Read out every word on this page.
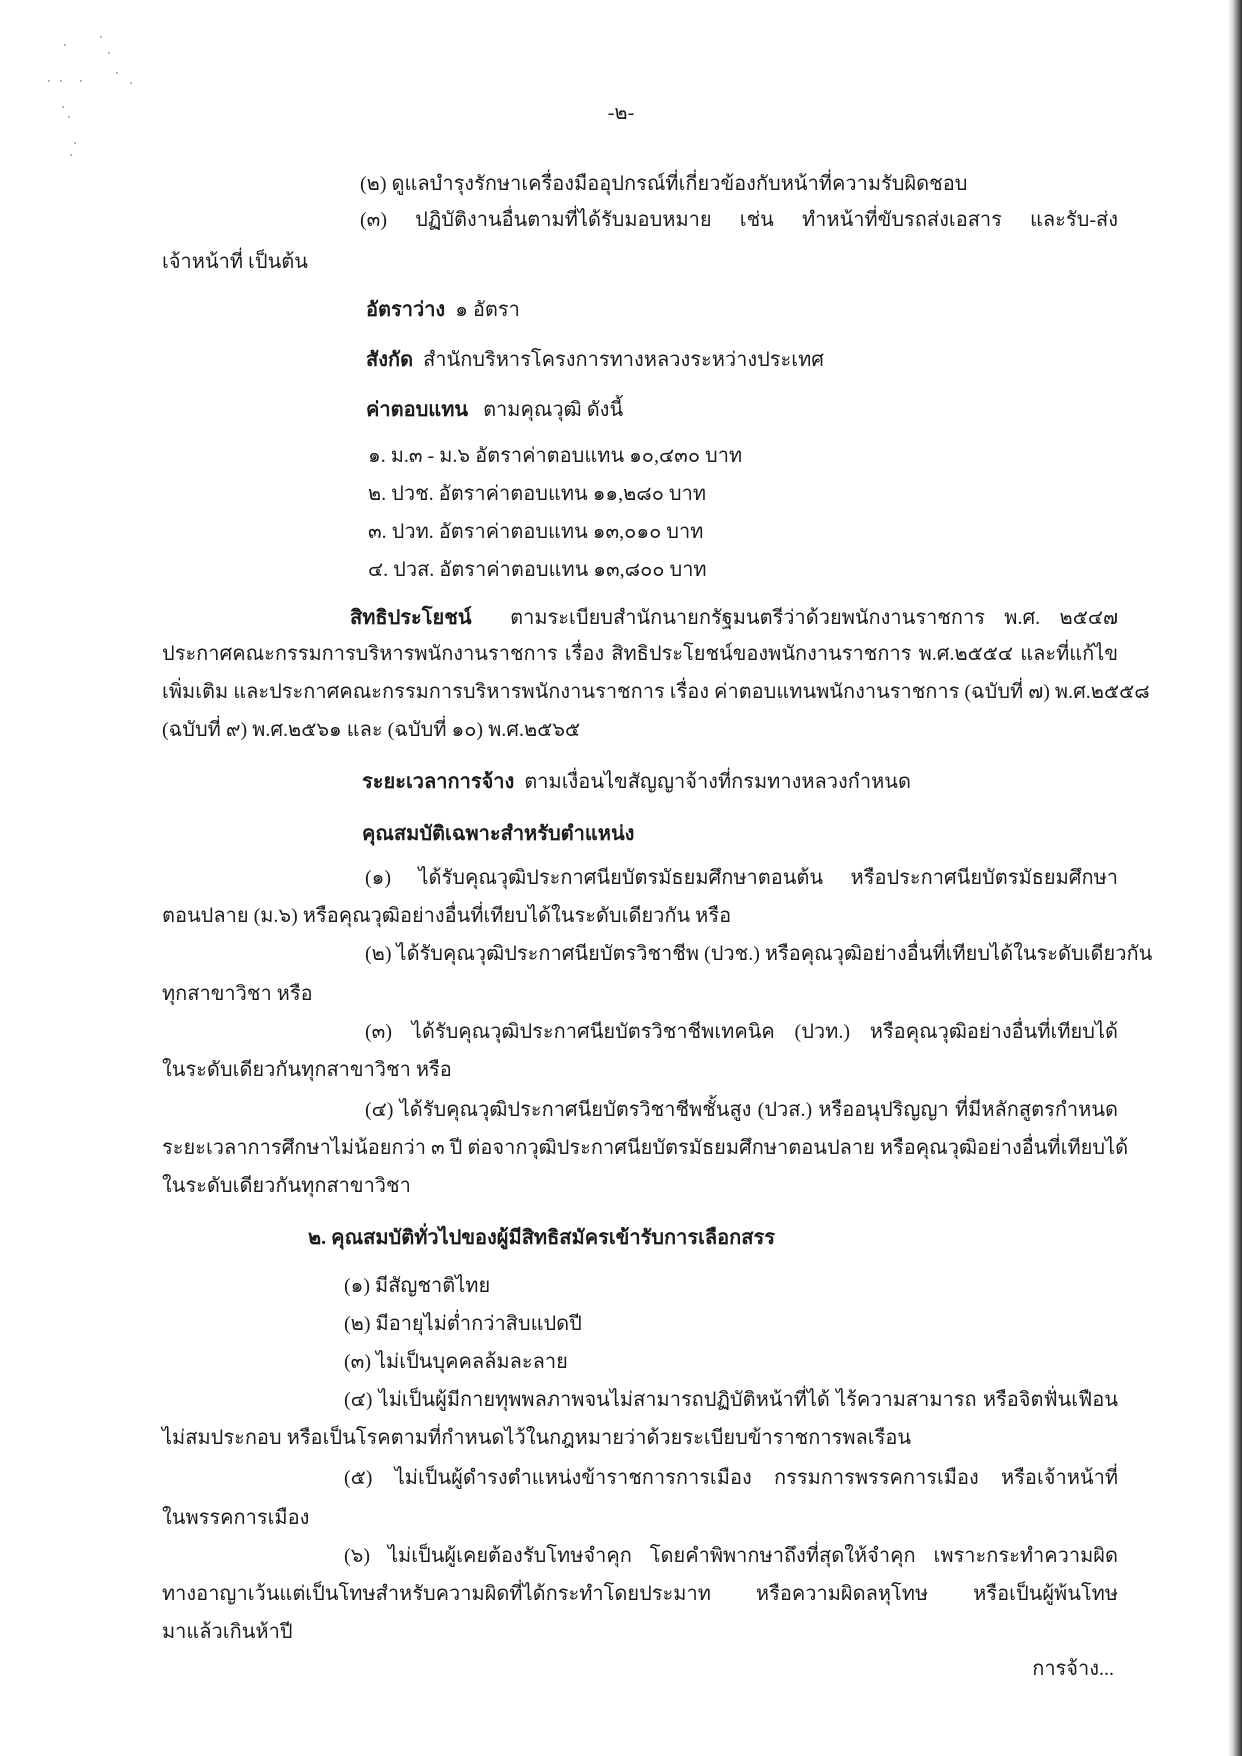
-๒-
(๒) ดูแลบำรุงรักษาเครื่องมืออุปกรณ์ที่เกี่ยวข้องกับหน้าที่ความรับผิดชอบ
(๓) ปฏิบัติงานอื่นตามที่ได้รับมอบหมาย เช่น ทำหน้าที่ขับรถส่งเอสาร และรับ-ส่ง
เจ้าหน้าที่ เป็นต้น
อัตราว่าง ๑ อัตรา
สังกัด สำนักบริหารโครงการทางหลวงระหว่างประเทศ
ค่าตอบแทน ตามคุณวุฒิ ดังนี้
๑. ม.๓ - ม.๖ อัตราค่าตอบแทน ๑๐,๔๓๐ บาท
๒. ปวช. อัตราค่าตอบแทน ๑๑,๒๘๐ บาท
๓. ปวท. อัตราค่าตอบแทน ๑๓,๐๑๐ บาท
๔. ปวส. อัตราค่าตอบแทน ๑๓,๘๐๐ บาท
สิทธิประโยชน์ ตามระเบียบสำนักนายกรัฐมนตรีว่าด้วยพนักงานราชการ พ.ศ. ๒๕๔๗
ประกาศคณะกรรมการบริหารพนักงานราชการ เรื่อง สิทธิประโยชน์ของพนักงานราชการ พ.ศ.๒๕๕๔ และที่แก้ไข
เพิ่มเติม และประกาศคณะกรรมการบริหารพนักงานราชการ เรื่อง ค่าตอบแทนพนักงานราชการ (ฉบับที่ ๗) พ.ศ.๒๕๕๘
(ฉบับที่ ๙) พ.ศ.๒๕๖๑ และ (ฉบับที่ ๑๐) พ.ศ.๒๕๖๕
ระยะเวลาการจ้าง ตามเงื่อนไขสัญญาจ้างที่กรมทางหลวงกำหนด
คุณสมบัติเฉพาะสำหรับตำแหน่ง
(๑) ได้รับคุณวุฒิประกาศนียบัตรมัธยมศึกษาตอนต้น หรือประกาศนียบัตรมัธยมศึกษา
ตอนปลาย (ม.๖) หรือคุณวุฒิอย่างอื่นที่เทียบได้ในระดับเดียวกัน หรือ
(๒) ได้รับคุณวุฒิประกาศนียบัตรวิชาชีพ (ปวช.) หรือคุณวุฒิอย่างอื่นที่เทียบได้ในระดับเดียวกัน
ทุกสาขาวิชา หรือ
(๓) ได้รับคุณวุฒิประกาศนียบัตรวิชาชีพเทคนิค (ปวท.) หรือคุณวุฒิอย่างอื่นที่เทียบได้
ในระดับเดียวกันทุกสาขาวิชา หรือ
(๔) ได้รับคุณวุฒิประกาศนียบัตรวิชาชีพชั้นสูง (ปวส.) หรืออนุปริญญา ที่มีหลักสูตรกำหนด
ระยะเวลาการศึกษาไม่น้อยกว่า ๓ ปี ต่อจากวุฒิประกาศนียบัตรมัธยมศึกษาตอนปลาย หรือคุณวุฒิอย่างอื่นที่เทียบได้
ในระดับเดียวกันทุกสาขาวิชา
๒. คุณสมบัติทั่วไปของผู้มีสิทธิสมัครเข้ารับการเลือกสรร
(๑) มีสัญชาติไทย
(๒) มีอายุไม่ต่ำกว่าสิบแปดปี
(๓) ไม่เป็นบุคคลล้มละลาย
(๔) ไม่เป็นผู้มีกายทุพพลภาพจนไม่สามารถปฏิบัติหน้าที่ได้ ไร้ความสามารถ หรือจิตฟั่นเฟือน
ไม่สมประกอบ หรือเป็นโรคตามที่กำหนดไว้ในกฎหมายว่าด้วยระเบียบข้าราชการพลเรือน
(๕) ไม่เป็นผู้ดำรงตำแหน่งข้าราชการการเมือง กรรมการพรรคการเมือง หรือเจ้าหน้าที่
ในพรรคการเมือง
(๖) ไม่เป็นผู้เคยต้องรับโทษจำคุก โดยคำพิพากษาถึงที่สุดให้จำคุก เพราะกระทำความผิด
ทางอาญาเว้นแต่เป็นโทษสำหรับความผิดที่ได้กระทำโดยประมาท หรือความผิดลหุโทษ หรือเป็นผู้พ้นโทษ
มาแล้วเกินห้าปี
การจ้าง...
